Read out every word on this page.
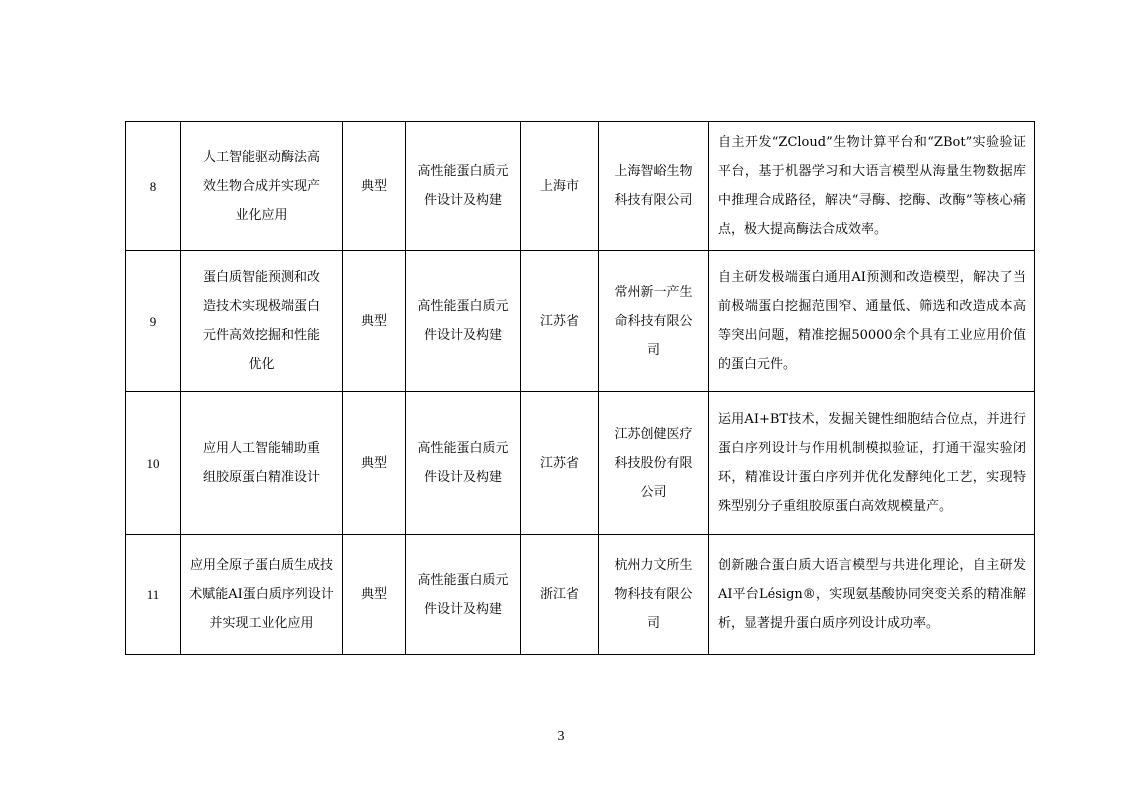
8	人工智能驱动酶法高效生物合成并实现产业化应用	典型	高性能蛋白质元件设计及构建	上海市	上海智峪生物科技有限公司	自主开发“ZCloud”生物计算平台和“ZBot”实验验证平台，基于机器学习和大语言模型从海量生物数据库中推理合成路径，解决“寻酶、挖酶、改酶”等核心痛点，极大提高酶法合成效率。
9	蛋白质智能预测和改造技术实现极端蛋白元件高效挖掘和性能优化	典型	高性能蛋白质元件设计及构建	江苏省	常州新一产生命科技有限公司	自主研发极端蛋白通用AI预测和改造模型，解决了当前极端蛋白挖掘范围窄、通量低、筛选和改造成本高等突出问题，精准挖掘50000余个具有工业应用价值的蛋白元件。
10	应用人工智能辅助重组胶原蛋白精准设计	典型	高性能蛋白质元件设计及构建	江苏省	江苏创健医疗科技股份有限公司	运用AI+BT技术，发掘关键性细胞结合位点，并进行蛋白序列设计与作用机制模拟验证，打通干湿实验闭环，精准设计蛋白序列并优化发酵纯化工艺，实现特殊型别分子重组胶原蛋白高效规模量产。
11	应用全原子蛋白质生成技术赋能AI蛋白质序列设计并实现工业化应用	典型	高性能蛋白质元件设计及构建	浙江省	杭州力文所生物科技有限公司	创新融合蛋白质大语言模型与共进化理论，自主研发AI平台Lésign®，实现氨基酸协同突变关系的精准解析，显著提升蛋白质序列设计成功率。
3
